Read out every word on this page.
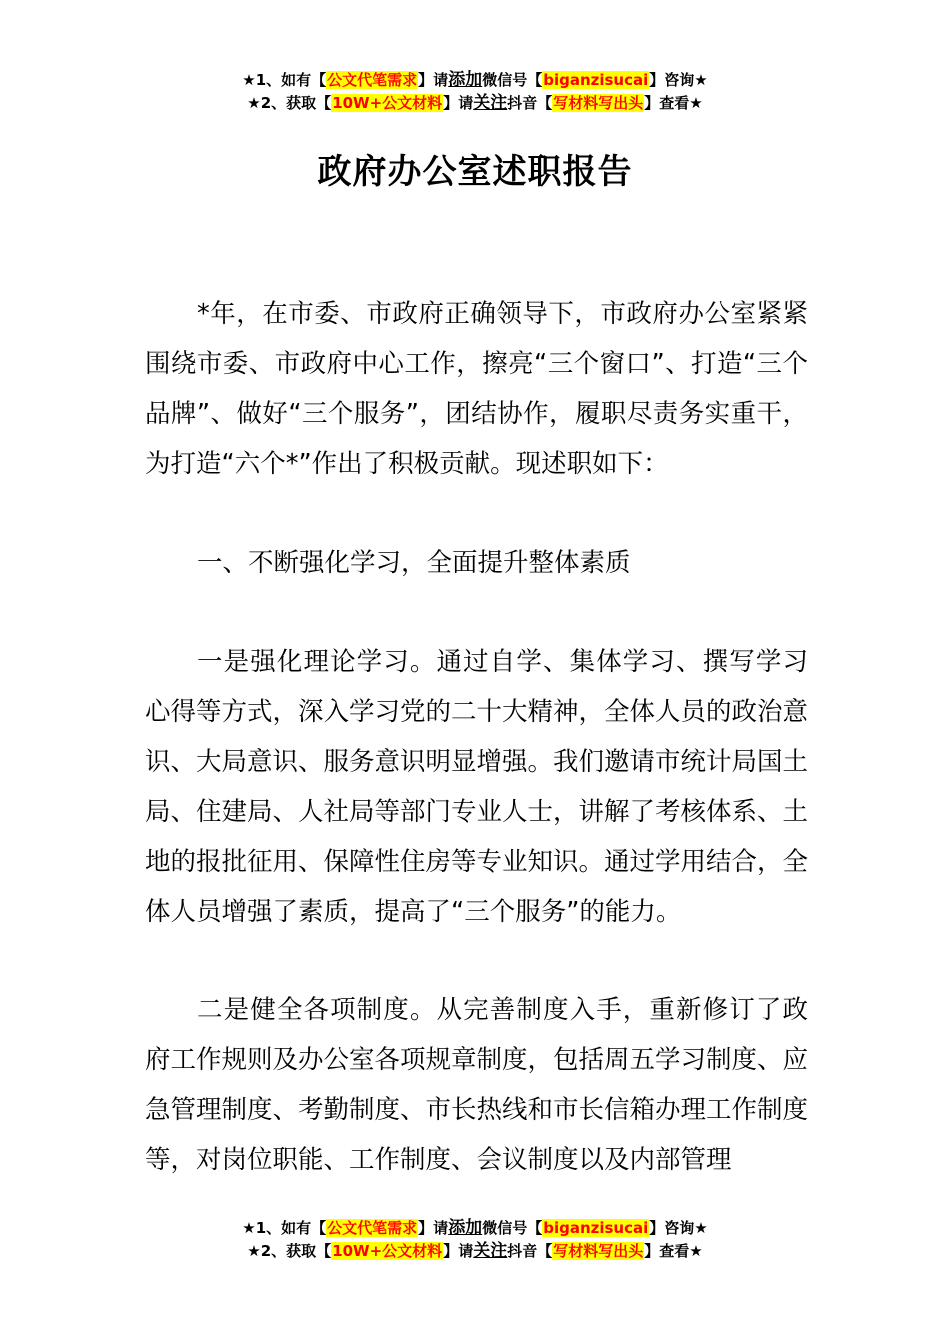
★1、如有【公文代笔需求】请添加微信号【biganzisucai】咨询★
★2、获取【10W+公文材料】请关注抖音【写材料写出头】查看★
政府办公室述职报告

*年，在市委、市政府正确领导下，市政府办公室紧紧围绕市委、市政府中心工作，擦亮“三个窗口”、打造“三个品牌”、做好“三个服务”，团结协作，履职尽责务实重干，为打造“六个*”作出了积极贡献。现述职如下：

一、不断强化学习，全面提升整体素质

一是强化理论学习。通过自学、集体学习、撰写学习心得等方式，深入学习党的二十大精神，全体人员的政治意识、大局意识、服务意识明显增强。我们邀请市统计局国土局、住建局、人社局等部门专业人士，讲解了考核体系、土地的报批征用、保障性住房等专业知识。通过学用结合，全体人员增强了素质，提高了“三个服务”的能力。

二是健全各项制度。从完善制度入手，重新修订了政府工作规则及办公室各项规章制度，包括周五学习制度、应急管理制度、考勤制度、市长热线和市长信箱办理工作制度等，对岗位职能、工作制度、会议制度以及内部管理

★1、如有【公文代笔需求】请添加微信号【biganzisucai】咨询★
★2、获取【10W+公文材料】请关注抖音【写材料写出头】查看★
